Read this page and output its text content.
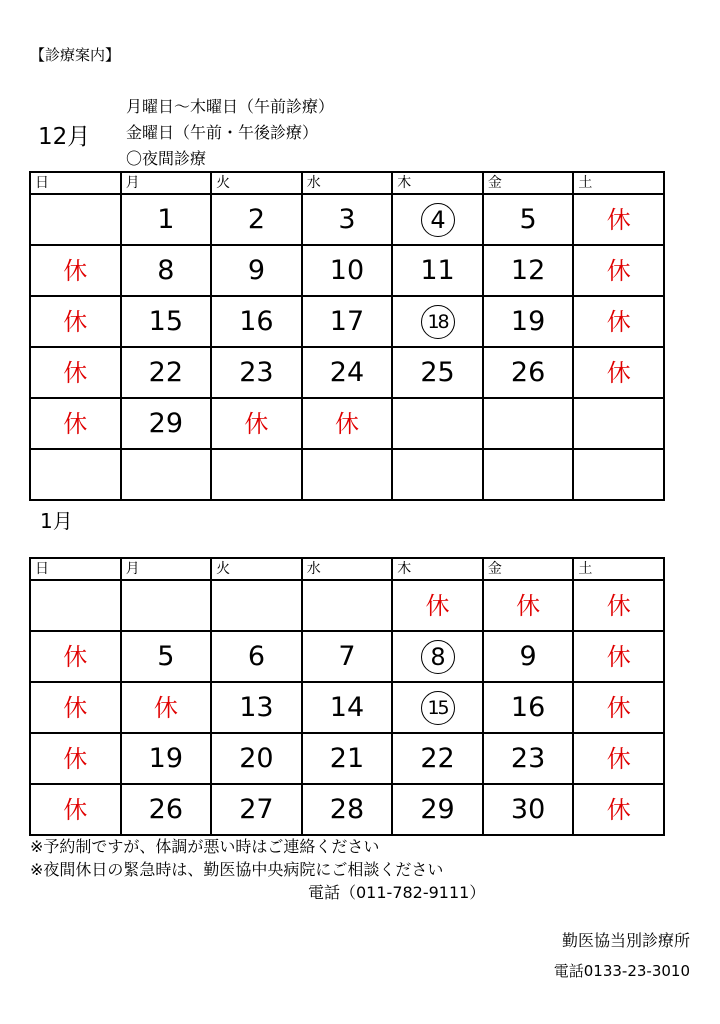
【診療案内】
12月
月曜日～木曜日（午前診療）
金曜日（午前・午後診療）
〇夜間診療
日	月	火	水	木	金	土
	1	2	3	4	5	休
休	8	9	10	11	12	休
休	15	16	17	18	19	休
休	22	23	24	25	26	休
休	29	休	休			

1月
日	月	火	水	木	金	土
				休	休	休
休	5	6	7	8	9	休
休	休	13	14	15	16	休
休	19	20	21	22	23	休
休	26	27	28	29	30	休
※予約制ですが、体調が悪い時はご連絡ください
※夜間休日の緊急時は、勤医協中央病院にご相談ください
電話（011-782-9111）
勤医協当別診療所
電話0133-23-3010
